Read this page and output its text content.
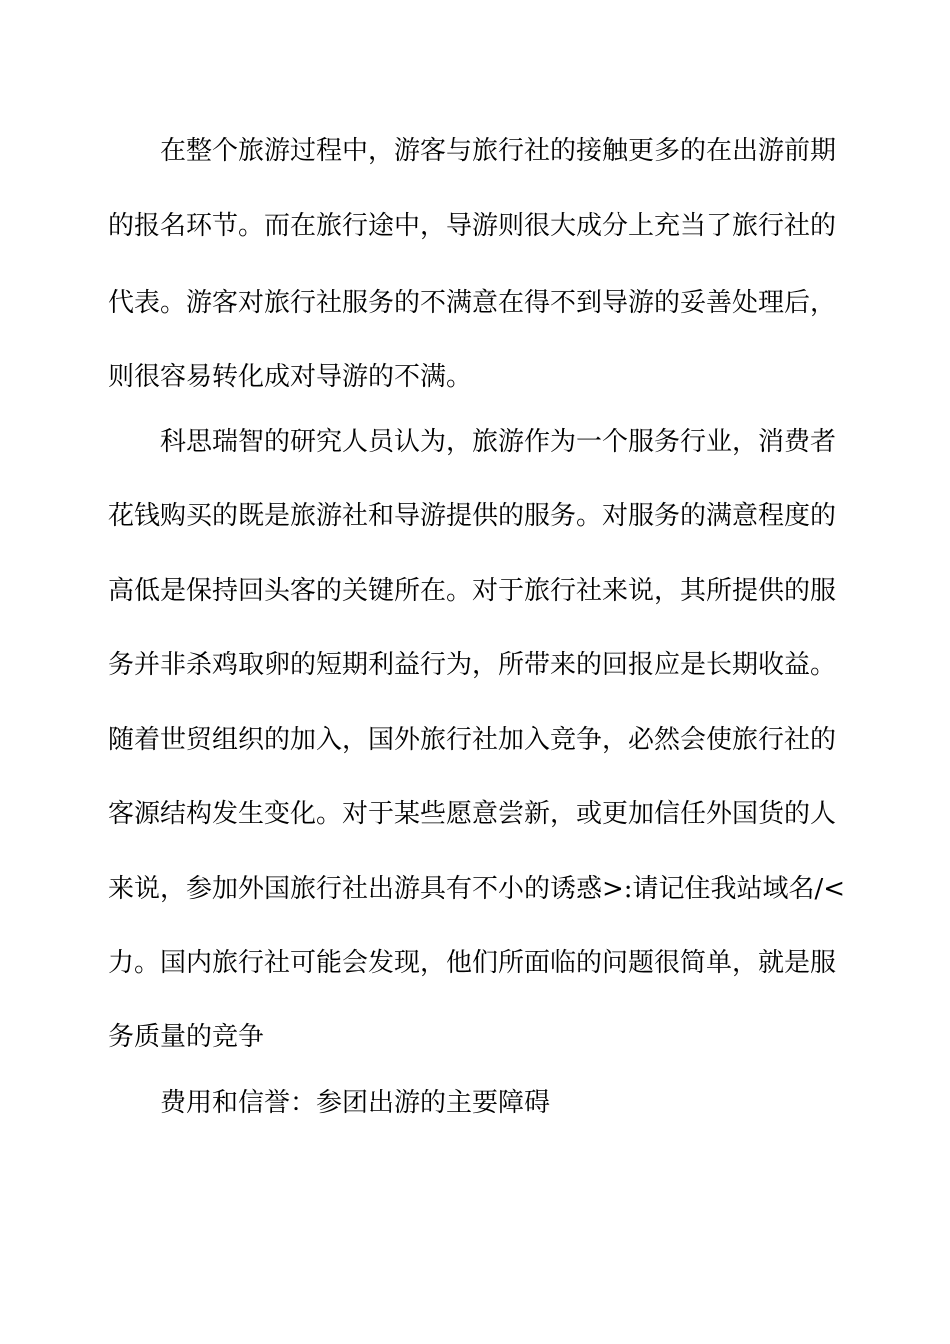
在整个旅游过程中，游客与旅行社的接触更多的在出游前期
的报名环节。而在旅行途中，导游则很大成分上充当了旅行社的
代表。游客对旅行社服务的不满意在得不到导游的妥善处理后，
则很容易转化成对导游的不满。
科思瑞智的研究人员认为，旅游作为一个服务行业，消费者
花钱购买的既是旅游社和导游提供的服务。对服务的满意程度的
高低是保持回头客的关键所在。对于旅行社来说，其所提供的服
务并非杀鸡取卵的短期利益行为，所带来的回报应是长期收益。
随着世贸组织的加入，国外旅行社加入竞争，必然会使旅行社的
客源结构发生变化。对于某些愿意尝新，或更加信任外国货的人
来说，参加外国旅行社出游具有不小的诱惑>:请记住我站域名/<
力。国内旅行社可能会发现，他们所面临的问题很简单，就是服
务质量的竞争
费用和信誉：参团出游的主要障碍
